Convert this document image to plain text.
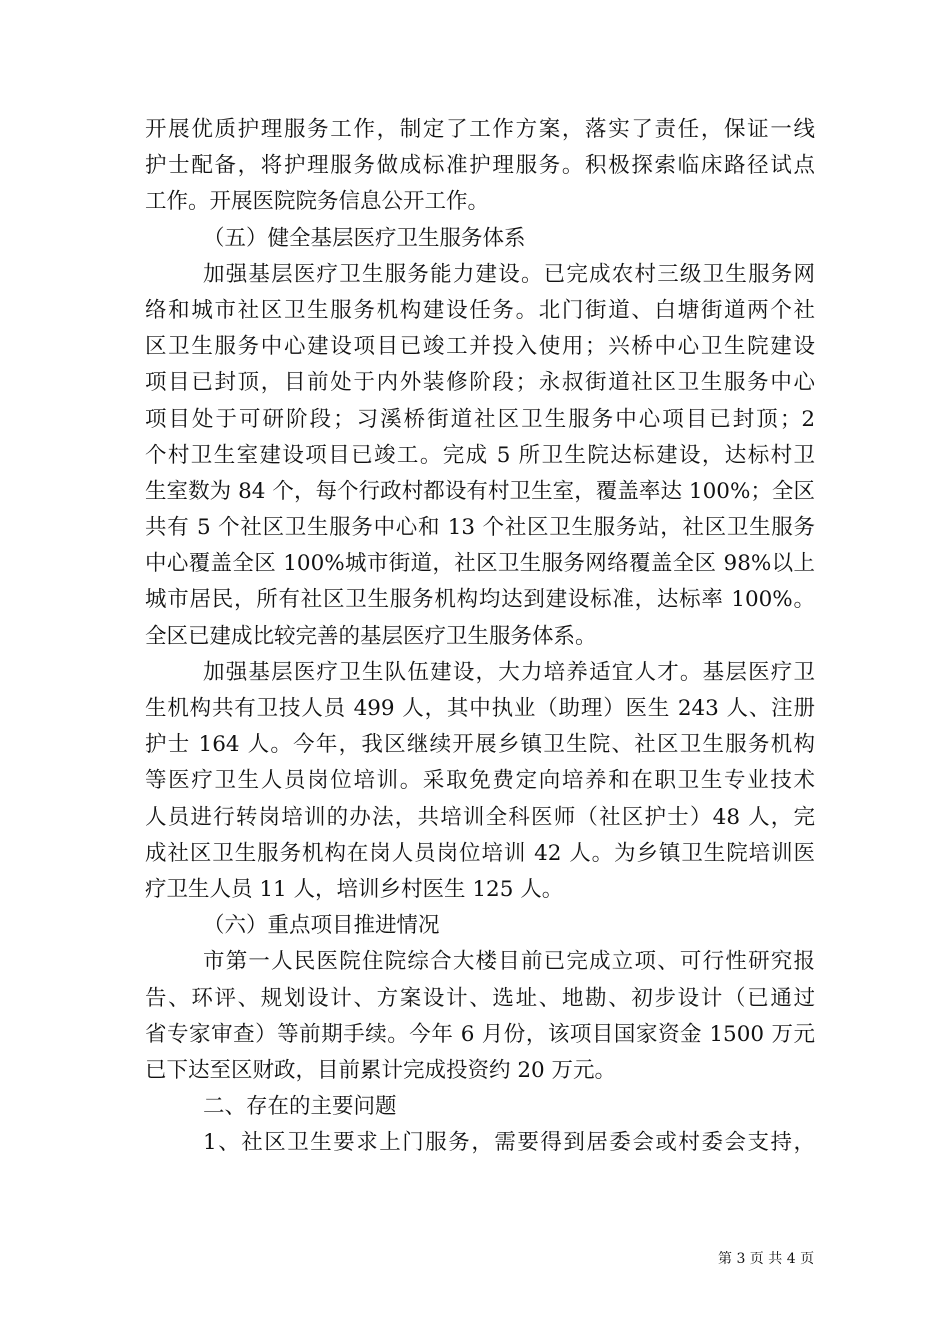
开展优质护理服务工作，制定了工作方案，落实了责任，保证一线
护士配备，将护理服务做成标准护理服务。积极探索临床路径试点
工作。开展医院院务信息公开工作。
（五）健全基层医疗卫生服务体系
加强基层医疗卫生服务能力建设。已完成农村三级卫生服务网
络和城市社区卫生服务机构建设任务。北门街道、白塘街道两个社
区卫生服务中心建设项目已竣工并投入使用；兴桥中心卫生院建设
项目已封顶，目前处于内外装修阶段；永叔街道社区卫生服务中心
项目处于可研阶段；习溪桥街道社区卫生服务中心项目已封顶；2
个村卫生室建设项目已竣工。完成 5 所卫生院达标建设，达标村卫
生室数为 84 个，每个行政村都设有村卫生室，覆盖率达 100%；全区
共有 5 个社区卫生服务中心和 13 个社区卫生服务站，社区卫生服务
中心覆盖全区 100%城市街道，社区卫生服务网络覆盖全区 98%以上
城市居民，所有社区卫生服务机构均达到建设标准，达标率 100%。
全区已建成比较完善的基层医疗卫生服务体系。
加强基层医疗卫生队伍建设，大力培养适宜人才。基层医疗卫
生机构共有卫技人员 499 人，其中执业（助理）医生 243 人、注册
护士 164 人。今年，我区继续开展乡镇卫生院、社区卫生服务机构
等医疗卫生人员岗位培训。采取免费定向培养和在职卫生专业技术
人员进行转岗培训的办法，共培训全科医师（社区护士）48 人，完
成社区卫生服务机构在岗人员岗位培训 42 人。为乡镇卫生院培训医
疗卫生人员 11 人，培训乡村医生 125 人。
（六）重点项目推进情况
市第一人民医院住院综合大楼目前已完成立项、可行性研究报
告、环评、规划设计、方案设计、选址、地勘、初步设计（已通过
省专家审查）等前期手续。今年 6 月份，该项目国家资金 1500 万元
已下达至区财政，目前累计完成投资约 20 万元。
二、存在的主要问题
1、社区卫生要求上门服务，需要得到居委会或村委会支持，
第 3 页 共 4 页
